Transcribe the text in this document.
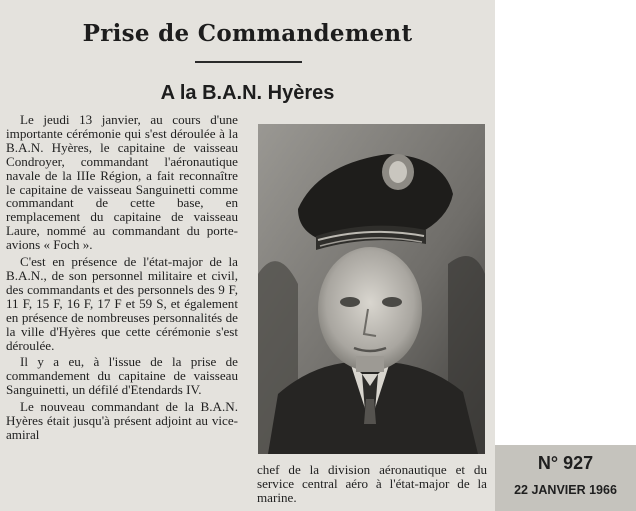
Prise de Commandement
A la B.A.N. Hyères

Le jeudi 13 janvier, au cours d'une importante cérémonie qui s'est déroulée à la B.A.N. Hyères, le capitaine de vaisseau Condroyer, commandant l'aéronautique navale de la IIIe Région, a fait reconnaître le capitaine de vaisseau Sanguinetti comme commandant de cette base, en remplacement du capitaine de vaisseau Laure, nommé au commandant du porte-avions « Foch ».

C'est en présence de l'état-major de la B.A.N., de son personnel militaire et civil, des commandants et des personnels des 9 F, 11 F, 15 F, 16 F, 17 F et 59 S, et également en présence de nombreuses personnalités de la ville d'Hyères que cette cérémonie s'est déroulée.

Il y a eu, à l'issue de la prise de commandement du capitaine de vaisseau Sanguinetti, un défilé d'Etendards IV.

Le nouveau commandant de la B.A.N. Hyères était jusqu'à présent adjoint au vice-amiral

chef de la division aéronautique et du service central aéro à l'état-major de la marine.

N° 927
22 JANVIER 1966
